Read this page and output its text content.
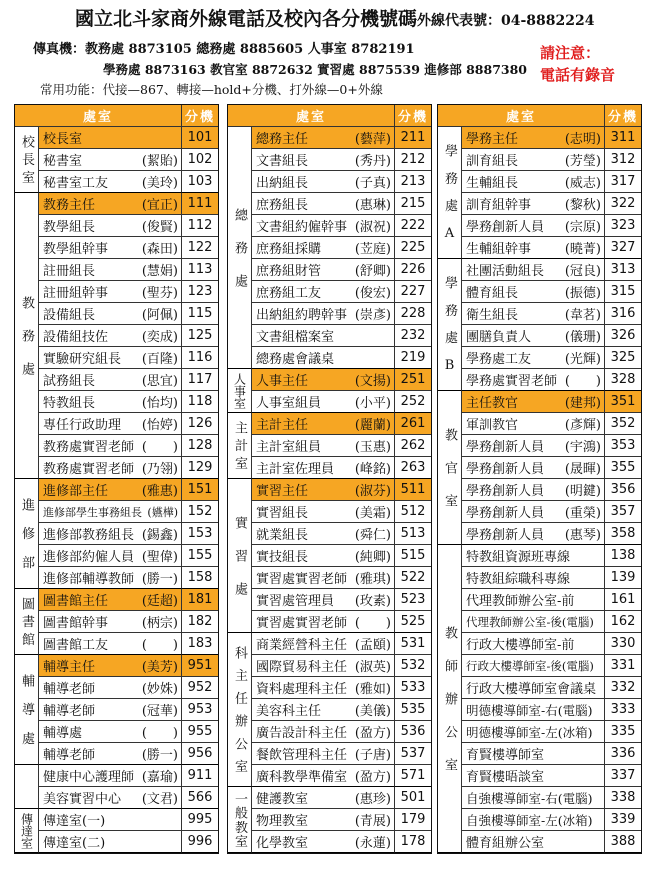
國立北斗家商外線電話及校內各分機號碼外線代表號：04-8882224
傳真機：教務處 8873105 總務處 8885605 人事室 8782191
學務處 8873163 教官室 8872632 實習處 8875539 進修部 8887380
常用功能：代接—867、轉接—hold+分機、打外線—0+外線
請注意：
電話有錄音
處室	分機
校長室 校長室	101
秘書室	(絜貽) 102
秘書室工友	(美玲) 103
教務處
教務主任	(宜正) 111
教學組長	(俊賢) 112
教學組幹事	(森田) 122
註冊組長	(慧娟) 113
註冊組幹事	(聖芬) 123
設備組長	(阿佩) 115
設備組技佐	(奕成) 125
實驗研究組長	(百隆) 116
試務組長	(思宜) 117
特教組長	(怡均) 118
專任行政助理	(怡婷) 126
教務處實習老師 (　　) 128
教務處實習老師 (乃翎) 129
進修部
進修部主任	(雅惠) 151
進修部學生事務組長 (嬿樺) 152
進修部教務組長 (錫鑫) 153
進修部約僱人員 (聖偉) 155
進修部輔導教師 (勝一) 158
圖書館 圖書館主任	(廷超) 181
圖書館幹事	(柄宗) 182
圖書館工友	(　　) 183
輔導處
輔導主任	(美芳) 951
輔導老師	(妙姝) 952
輔導老師	(冠華) 953
輔導處	(　　) 955
輔導老師	(勝一) 956
健康中心護理師 (嘉瑜) 911
美容實習中心	(文君) 566
傳達室 傳達室(一)	995
傳達室(二)	996
處室	分機
總務處
總務主任	(藝萍) 211
文書組長	(秀丹) 212
出納組長	(子真) 213
庶務組長	(惠琳) 215
文書組約僱幹事 (淑祝) 222
庶務組採購	(苙庭) 225
庶務組財管	(舒卿) 226
庶務組工友	(俊宏) 227
出納組約聘幹事 (崇彥) 228
文書組檔案室	232
總務處會議桌	219
人事室 人事主任	(文揚) 251
人事室組員	(小平) 252
主計室 主計主任	(麗蘭) 261
主計室組員	(玉惠) 262
主計室佐理員	(峰銘) 263
實習處
實習主任	(淑芬) 511
實習組長	(美霜) 512
就業組長	(舜仁) 513
實技組長	(純卿) 515
實習處實習老師 (雅琪) 522
實習處管理員	(玫素) 523
實習處實習老師 (　　) 525
科主任辦公室
商業經營科主任 (孟頤) 531
國際貿易科主任 (淑英) 532
資料處理科主任 (雅如) 533
美容科主任	(美儀) 535
廣告設計科主任 (盈方) 536
餐飲管理科主任 (子唐) 537
廣科教學準備室 (盈方) 571
一般教室 健護教室	(惠珍) 501
物理教室	(青展) 179
化學教室	(永蓮) 178
處室	分機
學務處A
學務主任	(志明) 311
訓育組長	(芳瑩) 312
生輔組長	(威志) 317
訓育組幹事	(黎秋) 322
學務創新人員	(宗原) 323
生輔組幹事	(曉菁) 327
學務處B
社團活動組長	(冠良) 313
體育組長	(振德) 315
衛生組長	(韋茗) 316
團膳負責人	(儀珊) 326
學務處工友	(光輝) 325
學務處實習老師 (　　) 328
教官室
主任教官	(建邦) 351
軍訓教官	(彥輝) 352
學務創新人員	(宇鴻) 353
學務創新人員	(晟暉) 355
學務創新人員	(明鍵) 356
學務創新人員	(重榮) 357
學務創新人員	(惠琴) 358
教師辦公室
特教組資源班專線	138
特教組綜職科專線	139
代理教師辦公室-前	161
代理教師辦公室-後(電腦)	162
行政大樓導師室-前	330
行政大樓導師室-後(電腦)	331
行政大樓導師室會議桌	332
明德樓導師室-右(電腦)	333
明德樓導師室-左(冰箱)	335
育賢樓導師室	336
育賢樓晤談室	337
自強樓導師室-右(電腦)	338
自強樓導師室-左(冰箱)	339
體育組辦公室	388
